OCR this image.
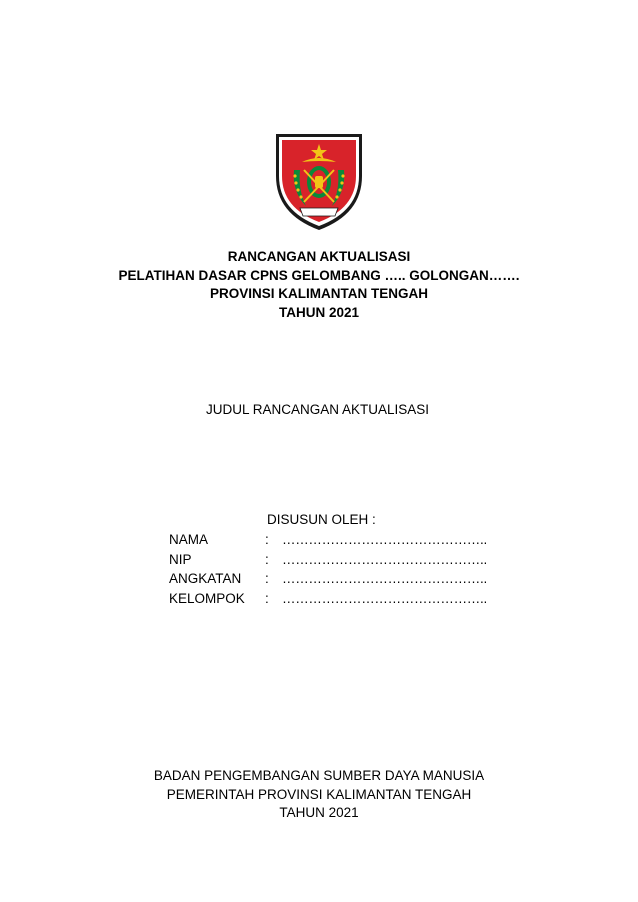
RANCANGAN AKTUALISASI
PELATIHAN DASAR CPNS GELOMBANG ….. GOLONGAN…….
PROVINSI KALIMANTAN TENGAH
TAHUN 2021
JUDUL RANCANGAN AKTUALISASI
DISUSUN OLEH :
NAMA	: ………………………………………..
NIP	: ………………………………………..
ANGKATAN : ………………………………………..
KELOMPOK : ………………………………………..
BADAN PENGEMBANGAN SUMBER DAYA MANUSIA
PEMERINTAH PROVINSI KALIMANTAN TENGAH
TAHUN 2021
